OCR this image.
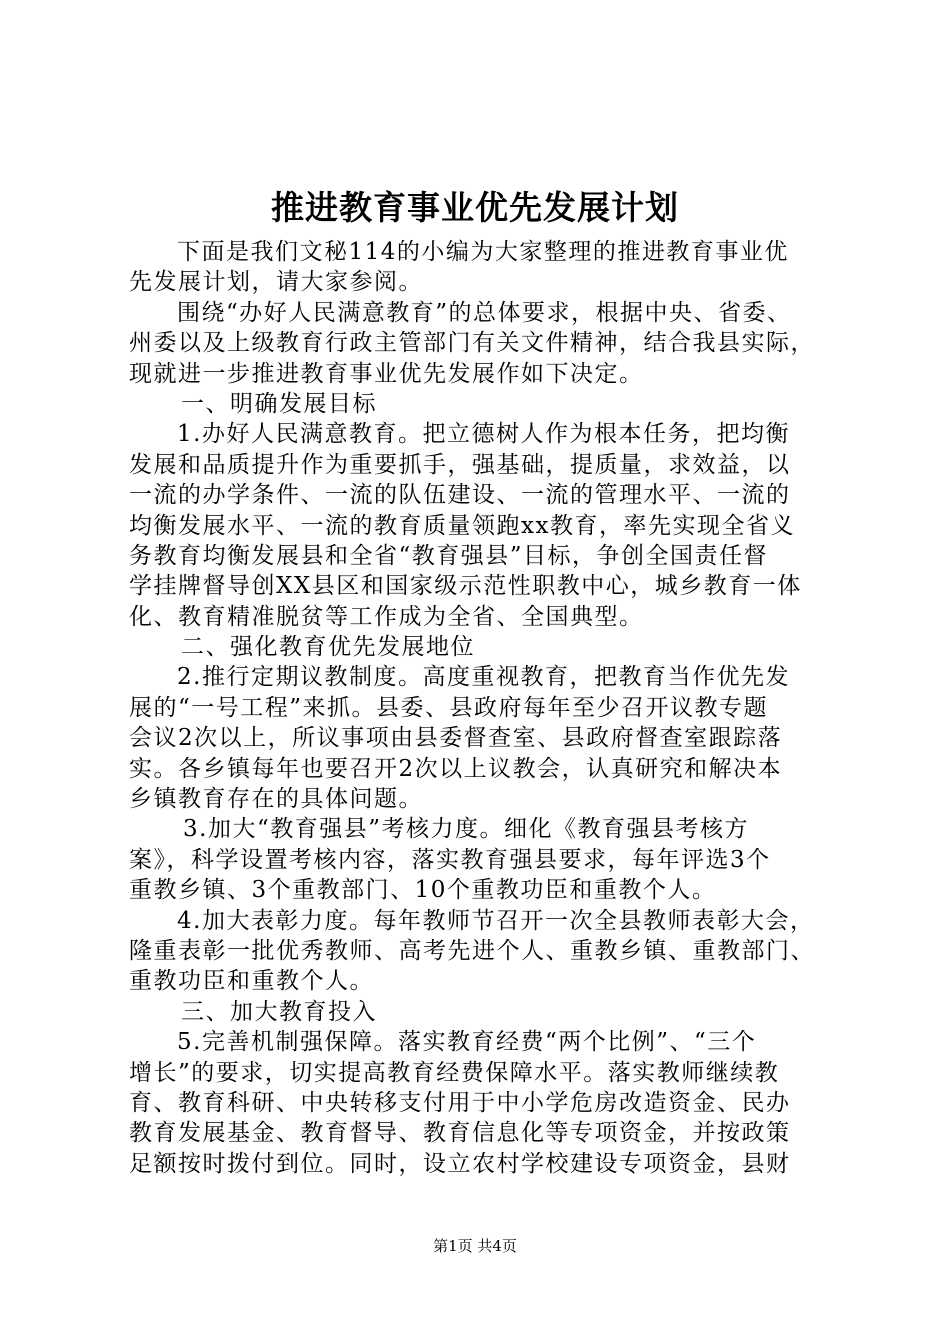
推进教育事业优先发展计划
下面是我们文秘114的小编为大家整理的推进教育事业优
先发展计划，请大家参阅。
围绕“办好人民满意教育”的总体要求，根据中央、省委、
州委以及上级教育行政主管部门有关文件精神，结合我县实际，
现就进一步推进教育事业优先发展作如下决定。
一、明确发展目标
1.办好人民满意教育。把立德树人作为根本任务，把均衡
发展和品质提升作为重要抓手，强基础，提质量，求效益，以
一流的办学条件、一流的队伍建设、一流的管理水平、一流的
均衡发展水平、一流的教育质量领跑xx教育，率先实现全省义
务教育均衡发展县和全省“教育强县”目标，争创全国责任督
学挂牌督导创XX县区和国家级示范性职教中心，城乡教育一体
化、教育精准脱贫等工作成为全省、全国典型。
二、强化教育优先发展地位
2.推行定期议教制度。高度重视教育，把教育当作优先发
展的“一号工程”来抓。县委、县政府每年至少召开议教专题
会议2次以上，所议事项由县委督查室、县政府督查室跟踪落
实。各乡镇每年也要召开2次以上议教会，认真研究和解决本
乡镇教育存在的具体问题。
3.加大“教育强县”考核力度。细化《教育强县考核方
案》，科学设置考核内容，落实教育强县要求，每年评选3个
重教乡镇、3个重教部门、10个重教功臣和重教个人。
4.加大表彰力度。每年教师节召开一次全县教师表彰大会，
隆重表彰一批优秀教师、高考先进个人、重教乡镇、重教部门、
重教功臣和重教个人。
三、加大教育投入
5.完善机制强保障。落实教育经费“两个比例”、“三个
增长”的要求，切实提高教育经费保障水平。落实教师继续教
育、教育科研、中央转移支付用于中小学危房改造资金、民办
教育发展基金、教育督导、教育信息化等专项资金，并按政策
足额按时拨付到位。同时，设立农村学校建设专项资金，县财
第1页 共4页
